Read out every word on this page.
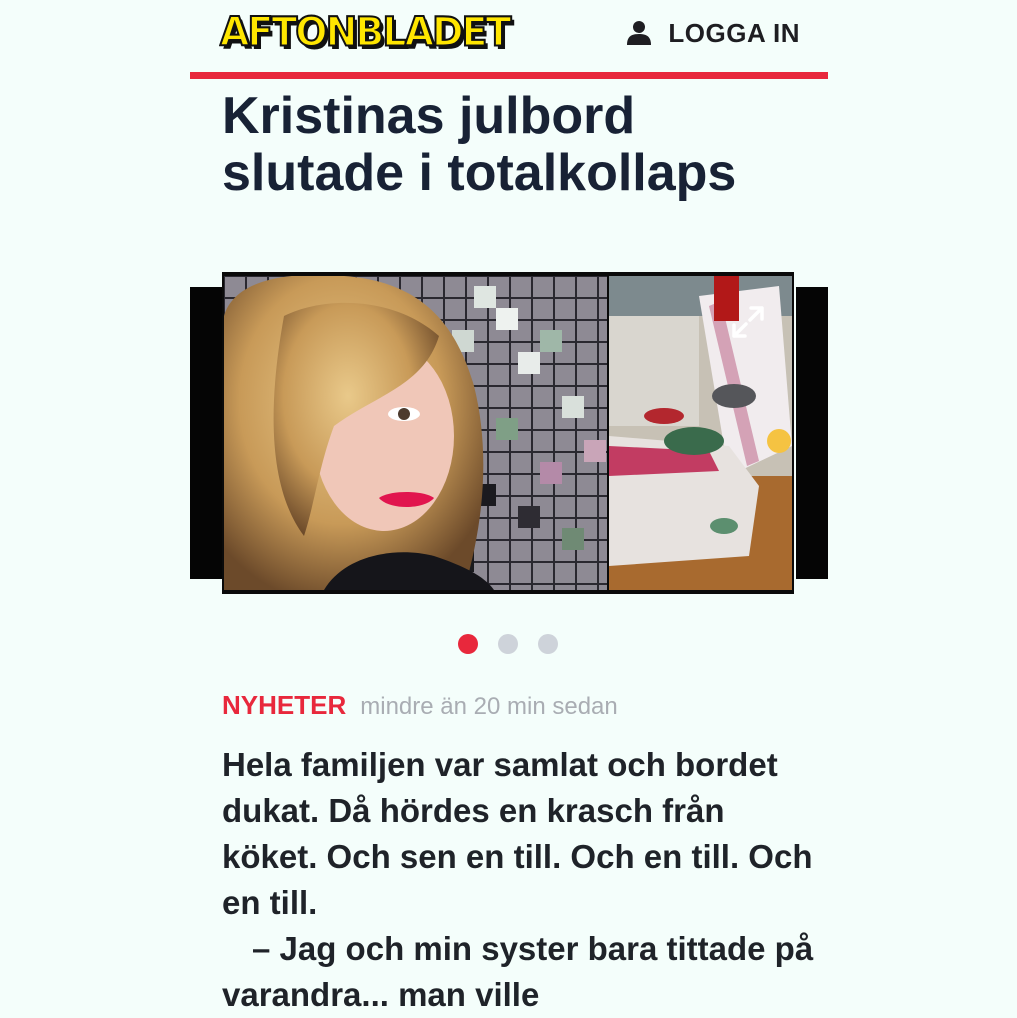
AFTONBLADET	LOGGA IN
Kristinas julbord slutade i totalkollaps
NYHETER mindre än 20 min sedan

Hela familjen var samlat och bordet dukat. Då hördes en krasch från köket. Och sen en till. Och en till. Och en till.
– Jag och min syster bara tittade på varandra... man ville
